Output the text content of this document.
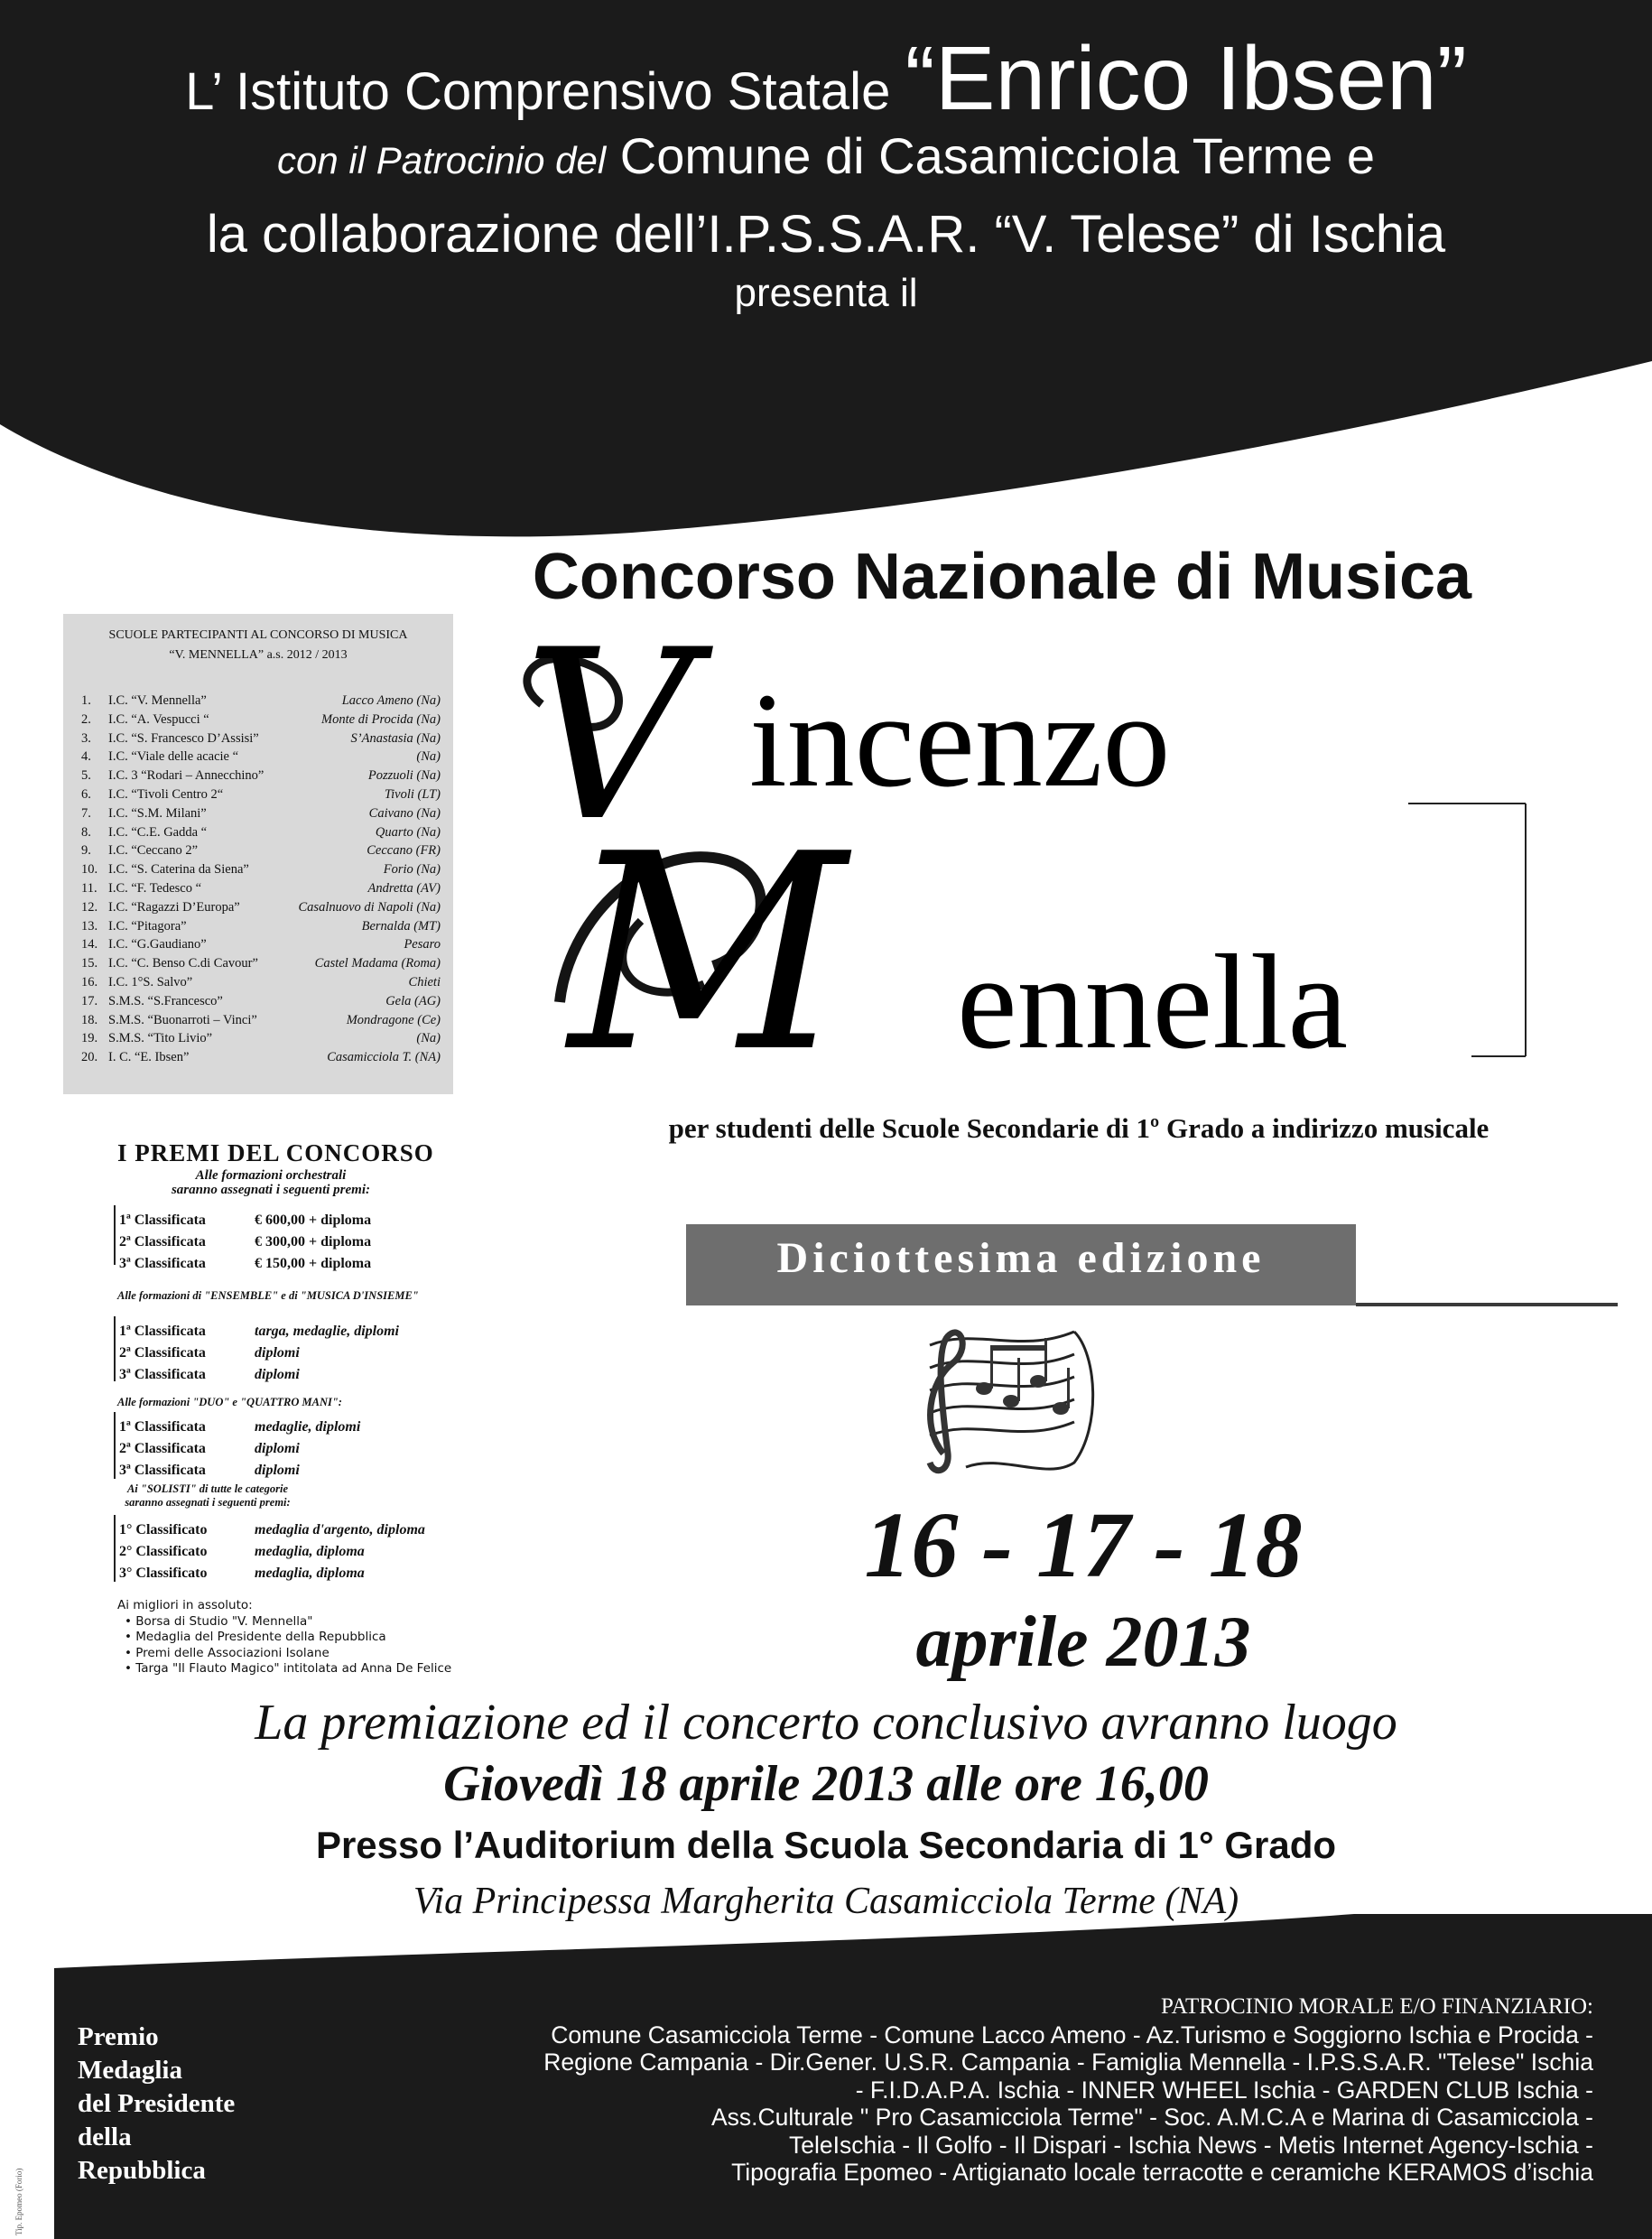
L’ Istituto Comprensivo Statale “Enrico Ibsen”
con il Patrocinio del Comune di Casamicciola Terme e
la collaborazione dell’I.P.S.S.A.R. “V. Telese” di Ischia
presenta il
Concorso Nazionale di Musica
SCUOLE PARTECIPANTI AL CONCORSO DI MUSICA
“V. MENNELLA” a.s. 2012 / 2013
1.	I.C. “V. Mennella”	Lacco Ameno (Na)
2.	I.C. “A. Vespucci “	Monte di Procida (Na)
3.	I.C. “S. Francesco D’Assisi”	S’Anastasia (Na)
4.	I.C. “Viale delle acacie “	(Na)
5.	I.C. 3 “Rodari – Annecchino”	Pozzuoli (Na)
6.	I.C. “Tivoli Centro 2“	Tivoli (LT)
7.	I.C. “S.M. Milani”	Caivano (Na)
8.	I.C. “C.E. Gadda “	Quarto (Na)
9.	I.C. “Ceccano 2”	Ceccano (FR)
10. I.C. “S. Caterina da Siena”	Forio (Na)
11. I.C. “F. Tedesco “	Andretta (AV)
12. I.C. “Ragazzi D’Europa”	Casalnuovo di Napoli (Na)
13. I.C. “Pitagora”	Bernalda (MT)
14. I.C. “G.Gaudiano”	Pesaro
15. I.C. “C. Benso C.di Cavour”	Castel Madama (Roma)
16. I.C. 1°S. Salvo”	Chieti
17. S.M.S. “S.Francesco”	Gela (AG)
18. S.M.S. “Buonarroti – Vinci”	Mondragone (Ce)
19. S.M.S. “Tito Livio”	(Na)
20. I. C. “E. Ibsen”	Casamicciola T. (NA)
V incenzo
M ennella
per studenti delle Scuole Secondarie di 1º Grado a indirizzo musicale
Diciottesima edizione
I PREMI DEL CONCORSO
Alle formazioni orchestrali
saranno assegnati i seguenti premi:
1ª Classificata	€ 600,00 + diploma
2ª Classificata	€ 300,00 + diploma
3ª Classificata	€ 150,00 + diploma
Alle formazioni di "ENSEMBLE" e di "MUSICA D'INSIEME"
1ª Classificata	targa, medaglie, diplomi
2ª Classificata	diplomi
3ª Classificata	diplomi
Alle formazioni "DUO" e "QUATTRO MANI":
1ª Classificata	medaglie, diplomi
2ª Classificata	diplomi
3ª Classificata	diplomi
Ai "SOLISTI" di tutte le categorie
saranno assegnati i seguenti premi:
1° Classificato	medaglia d'argento, diploma
2° Classificato	medaglia, diploma
3° Classificato	medaglia, diploma
Ai migliori in assoluto:
• Borsa di Studio "V. Mennella"
• Medaglia del Presidente della Repubblica
• Premi delle Associazioni Isolane
• Targa "Il Flauto Magico" intitolata ad Anna De Felice
16 - 17 - 18
aprile 2013
La premiazione ed il concerto conclusivo avranno luogo
Giovedì 18 aprile 2013 alle ore 16,00
Presso l’Auditorium della Scuola Secondaria di 1° Grado
Via Principessa Margherita Casamicciola Terme (NA)
Premio Medaglia
del Presidente
della Repubblica
PATROCINIO MORALE E/O FINANZIARIO:
Comune Casamicciola Terme - Comune Lacco Ameno - Az.Turismo e Soggiorno Ischia e Procida -
Regione Campania - Dir.Gener. U.S.R. Campania - Famiglia Mennella - I.P.S.S.A.R. "Telese" Ischia
- F.I.D.A.P.A. Ischia - INNER WHEEL Ischia - GARDEN CLUB Ischia -
Ass.Culturale " Pro Casamicciola Terme" - Soc. A.M.C.A e Marina di Casamicciola -
TeleIschia - Il Golfo - Il Dispari - Ischia News - Metis Internet Agency-Ischia -
Tipografia Epomeo - Artigianato locale terracotte e ceramiche KERAMOS d’ischia
Tip. Epomeo (Forio)
